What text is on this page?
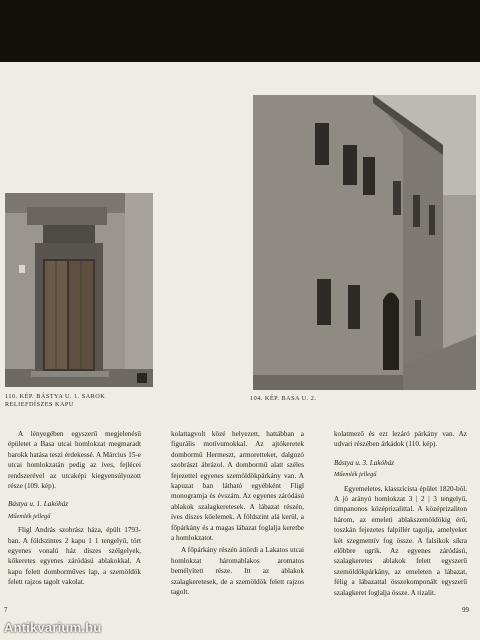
110. KÉP. BÁSTYA U. 1. SAROK RELIEFDÍSZES KAPU
104. KÉP. BASA U. 2.

A lényegében egyszerű megjelenésű épületet a Basa utcai homlokzat megmaradt barokk hatása teszi érdekessé. A Március 15-e utcai homlokzatán pedig az íves, fejlécei rendszerével az utcaképi kiegyensúlyozott része (109. kép).

Bástya u. 1. Lakóház

Műemlék jellegű

Fligl András szobrász háza, épült 1793-ban. A földszintes 2 kapu 1 1 tengelyű, tört egyenes vonalú ház díszes szélgelyek, kőkeretes egyenes záródású ablakokkal. A kapu felett domborműves lap, a szemöldök felett rajzos tagolt vakolat.

kolattagvolt közé helyezett, hattábban a figurális motívumokkal. Az ajtókeretek dombormű Hermeszt, armoretteket, dalgozó szobrászt ábrázol. A dombormű alatt széles fejezettel egyenes szemöldökpárkány van. A kapuzat ban látható egyébként Fligl monogramja és évszám. Az egyenes záródású ablakok szalagkeretesek. A lábazat részén, íves díszes kőelemek. A földszint alá kerül, a főpárkány és a magas lábazat foglalja keretbe a homlokzatot.

A főpárkány részén áttördi a Lakatos utcai homlokzat háromablakos aromatos bemélyített része. Itt az ablakok szalagkeretesek, de a szemöldök felett rajzos tagolt.

kolatmező és ezt lezáró párkány van. Az udvari részében árkádok (110. kép).

Bástya u. 3. Lakóház

Műemlék jellegű

Egyemeletes, klasszicista épület 1820-ból. A jó arányú homlokzat 3 | 2 | 3 tengelyű, timpanonos középrizalittal. A középrizaliton három, az emeleti ablakszemöldökig érő, toszkán fejezetes falpillér tagolja, amelyeket két szegmentív fog össze. A falsíkok síkra előbbre ugrik. Az egyenes záródású, szalagkeretes ablakok felett egyszerű szemöldökpárkány, az emeleten a lábazat, félig a lábazattal összekomponált egyszerű szalagkeret foglalja össze. A rizalit.

7	99
Antikvarium.hu
